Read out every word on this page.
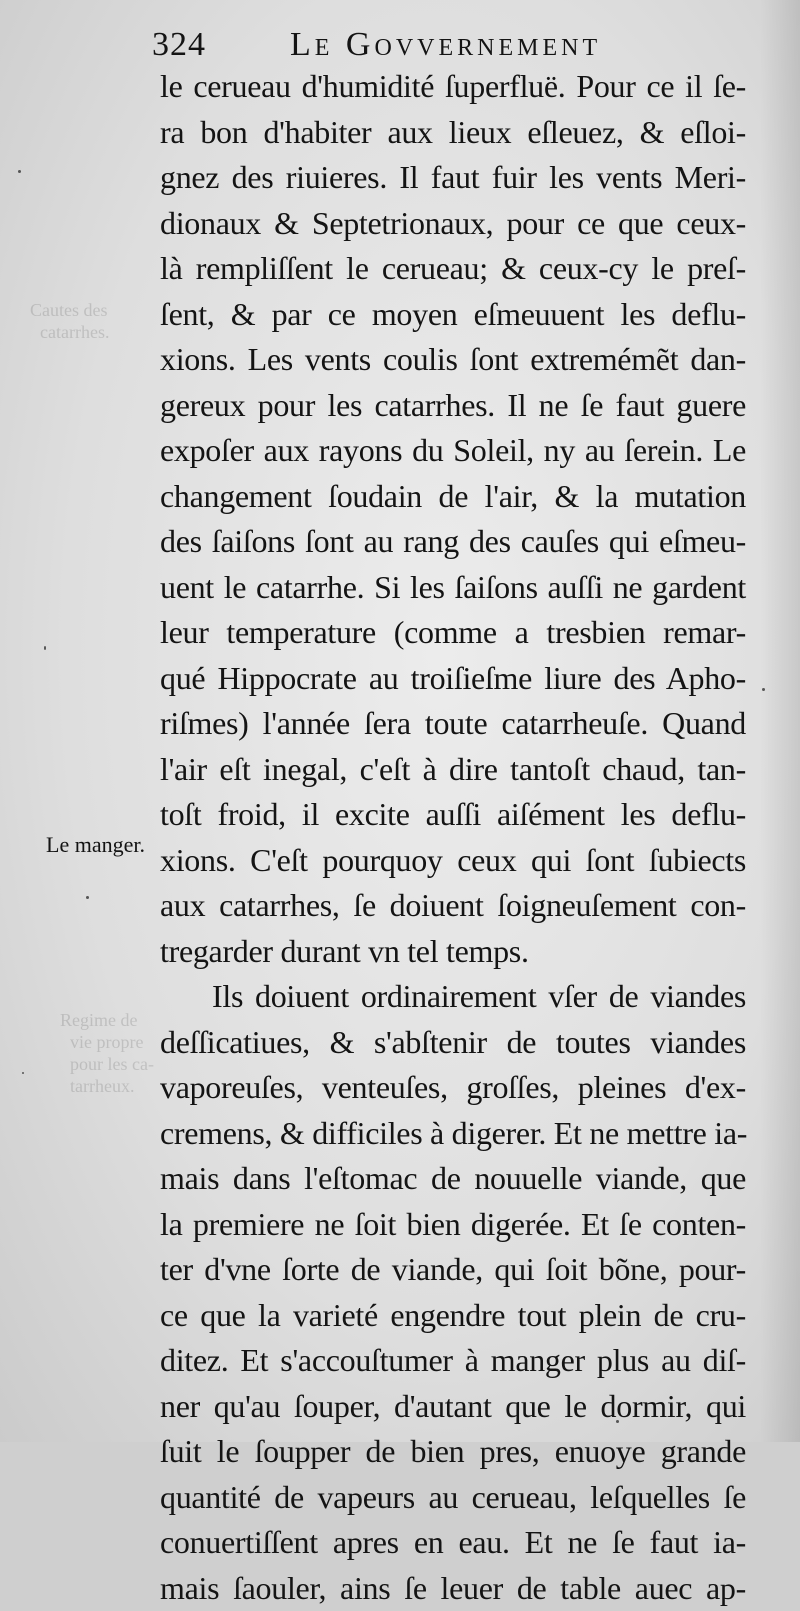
Cautes des
catarrhes.
Regime de
vie propre
pour les ca-
tarrheux.
324 Le Govvernement
Le manger.
le cerueau d'humidité ſuperfluë. Pour ce il ſe-
ra bon d'habiter aux lieux eſleuez, & eſloi-
gnez des riuieres. Il faut fuir les vents Meri-
dionaux & Septetrionaux, pour ce que ceux-
là rempliſſent le cerueau; & ceux-cy le preſ-
ſent, & par ce moyen eſmeuuent les deflu-
xions. Les vents coulis ſont extremémẽt dan-
gereux pour les catarrhes. Il ne ſe faut guere
expoſer aux rayons du Soleil, ny au ſerein. Le
changement ſoudain de l'air, & la mutation
des ſaiſons ſont au rang des cauſes qui eſmeu-
uent le catarrhe. Si les ſaiſons auſſi ne gardent
leur temperature (comme a tresbien remar-
qué Hippocrate au troiſieſme liure des Apho-
riſmes) l'année ſera toute catarrheuſe. Quand
l'air eſt inegal, c'eſt à dire tantoſt chaud, tan-
toſt froid, il excite auſſi aiſément les deflu-
xions. C'eſt pourquoy ceux qui ſont ſubiects
aux catarrhes, ſe doiuent ſoigneuſement con-
tregarder durant vn tel temps.
Ils doiuent ordinairement vſer de viandes
deſſicatiues, & s'abſtenir de toutes viandes
vaporeuſes, venteuſes, groſſes, pleines d'ex-
cremens, & difficiles à digerer. Et ne mettre ia-
mais dans l'eſtomac de nouuelle viande, que
la premiere ne ſoit bien digerée. Et ſe conten-
ter d'vne ſorte de viande, qui ſoit bõne, pour-
ce que la varieté engendre tout plein de cru-
ditez. Et s'accouſtumer à manger plus au diſ-
ner qu'au ſouper, d'autant que le dormir, qui
ſuit le ſoupper de bien pres, enuoye grande
quantité de vapeurs au cerueau, leſquelles ſe
conuertiſſent apres en eau. Et ne ſe faut ia-
mais ſaouler, ains ſe leuer de table auec ap-
